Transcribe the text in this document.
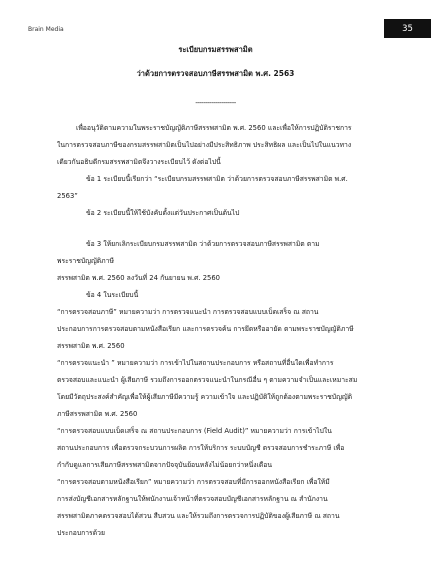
Brain Media	35
ระเบียบกรมสรรพสามิต
ว่าด้วยการตรวจสอบภาษีสรรพสามิต พ.ศ. 2563
--------------------
เพื่ออนุวัติตามความในพระราชบัญญัติภาษีสรรพสามิต พ.ศ. 2560 และเพื่อให้การปฏิบัติราชการ
ในการตรวจสอบภาษีของกรมสรรพสามิตเป็นไปอย่างมีประสิทธิภาพ ประสิทธิผล และเป็นไปในแนวทาง
เดียวกันอธิบดีกรมสรรพสามิตจึงวางระเบียบไว้ ดังต่อไปนี้
ข้อ 1 ระเบียบนี้เรียกว่า “ระเบียบกรมสรรพสามิต ว่าด้วยการตรวจสอบภาษีสรรพสามิต พ.ศ.
2563”
ข้อ 2 ระเบียบนี้ให้ใช้บังคับตั้งแต่วันประกาศเป็นต้นไป
ข้อ 3 ให้ยกเลิกระเบียบกรมสรรพสามิต ว่าด้วยการตรวจสอบภาษีสรรพสามิต ตาม
พระราชบัญญัติภาษี
สรรพสามิต พ.ศ. 2560 ลงวันที่ 24 กันยายน พ.ศ. 2560
ข้อ 4 ในระเบียบนี้
“การตรวจสอบภาษี” หมายความว่า การตรวจแนะนำ การตรวจสอบแบบเบ็ดเสร็จ ณ สถาน
ประกอบการการตรวจสอบตามหนังสือเรียก และการตรวจค้น การยึดหรืออายัด ตามพระราชบัญญัติภาษี
สรรพสามิต พ.ศ. 2560
“การตรวจแนะนำ ” หมายความว่า การเข้าไปในสถานประกอบการ หรือสถานที่อื่นใดเพื่อทำการ
ตรวจสอบและแนะนำ ผู้เสียภาษี รวมถึงการออกตรวจแนะนำในกรณีอื่น ๆ ตามความจำเป็นและเหมาะสม
โดยมีวัตถุประสงค์สำคัญเพื่อให้ผู้เสียภาษีมีความรู้ ความเข้าใจ และปฏิบัติให้ถูกต้องตามพระราชบัญญัติ
ภาษีสรรพสามิต พ.ศ. 2560
“การตรวจสอบแบบเบ็ดเสร็จ ณ สถานประกอบการ (Field Audit)” หมายความว่า การเข้าไปใน
สถานประกอบการ เพื่อตรวจกระบวนการผลิต การให้บริการ ระบบบัญชี ตรวจสอบการชำระภาษี เพื่อ
กำกับดูแลการเสียภาษีสรรพสามิตจากปัจจุบันย้อนหลังไม่น้อยกว่าหนึ่งเดือน
“การตรวจสอบตามหนังสือเรียก” หมายความว่า การตรวจสอบที่มีการออกหนังสือเรียก เพื่อให้มี
การส่งบัญชีเอกสารหลักฐานให้พนักงานเจ้าหน้าที่ตรวจสอบบัญชีเอกสารหลักฐาน ณ สำนักงาน
สรรพสามิตภาคตรวจสอบได้สวน สืบสวน และให้รวมถึงการตรวจการปฏิบัติของผู้เสียภาษี ณ สถาน
ประกอบการด้วย
